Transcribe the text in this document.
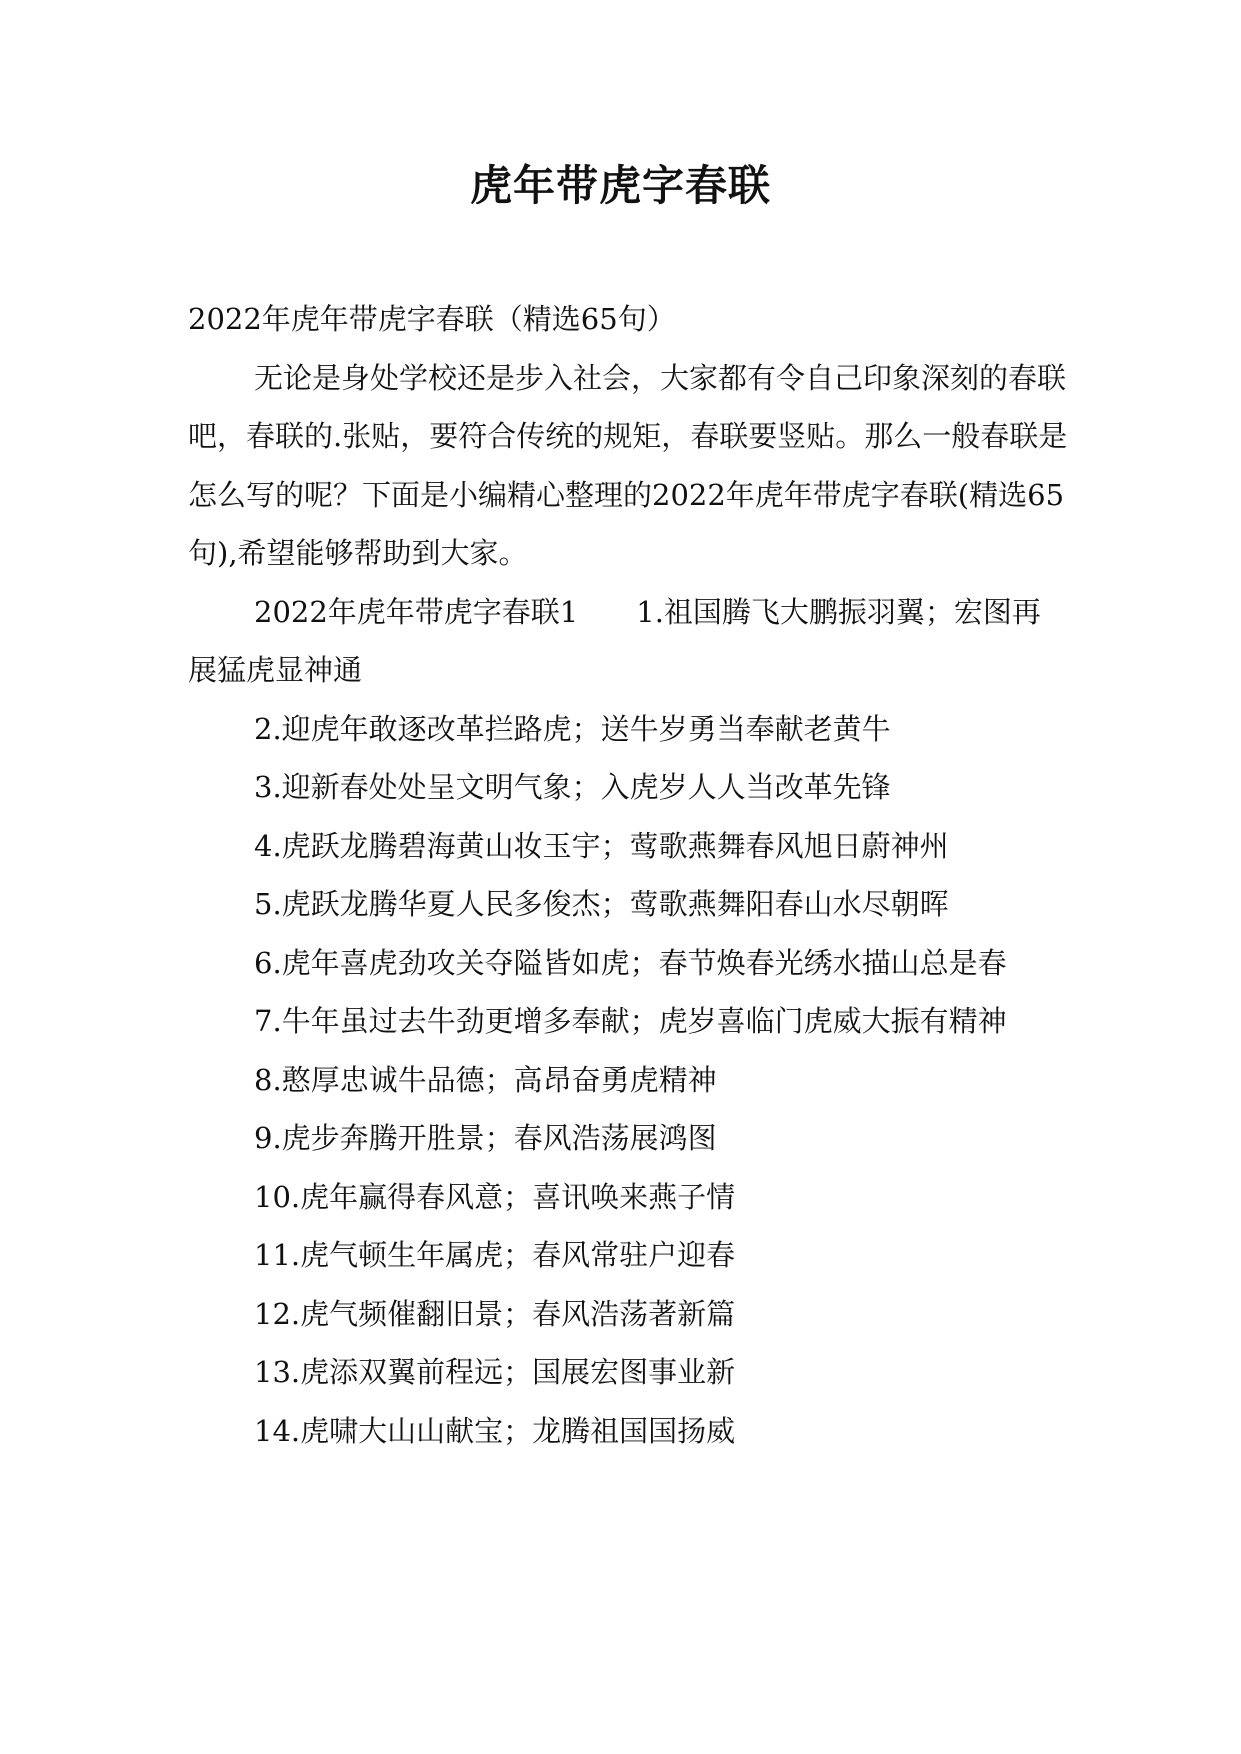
虎年带虎字春联

2022年虎年带虎字春联（精选65句）

无论是身处学校还是步入社会，大家都有令自己印象深刻的春联吧，春联的.张贴，要符合传统的规矩，春联要竖贴。那么一般春联是怎么写的呢？下面是小编精心整理的2022年虎年带虎字春联(精选65句),希望能够帮助到大家。

2022年虎年带虎字春联1　　1.祖国腾飞大鹏振羽翼；宏图再展猛虎显神通

2.迎虎年敢逐改革拦路虎；送牛岁勇当奉献老黄牛

3.迎新春处处呈文明气象；入虎岁人人当改革先锋

4.虎跃龙腾碧海黄山妆玉宇；莺歌燕舞春风旭日蔚神州

5.虎跃龙腾华夏人民多俊杰；莺歌燕舞阳春山水尽朝晖

6.虎年喜虎劲攻关夺隘皆如虎；春节焕春光绣水描山总是春

7.牛年虽过去牛劲更增多奉献；虎岁喜临门虎威大振有精神

8.憨厚忠诚牛品德；高昂奋勇虎精神

9.虎步奔腾开胜景；春风浩荡展鸿图

10.虎年赢得春风意；喜讯唤来燕子情

11.虎气顿生年属虎；春风常驻户迎春

12.虎气频催翻旧景；春风浩荡著新篇

13.虎添双翼前程远；国展宏图事业新

14.虎啸大山山献宝；龙腾祖国国扬威
